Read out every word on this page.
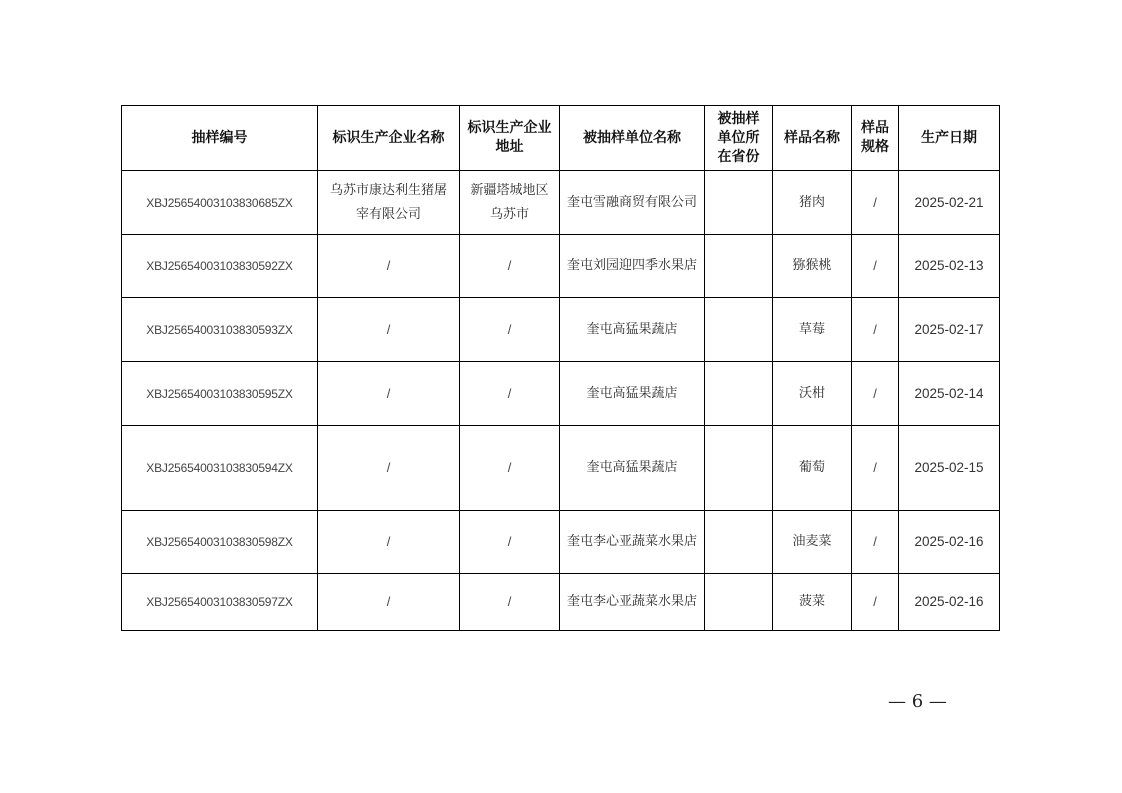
抽样编号	标识生产企业名称	标识生产企业地址	被抽样单位名称	被抽样单位所在省份	样品名称	样品规格	生产日期
XBJ25654003103830685ZX	乌苏市康达利生猪屠宰有限公司	新疆塔城地区乌苏市	奎屯雪融商贸有限公司		猪肉	/	2025-02-21
XBJ25654003103830592ZX	/	/	奎屯刘园迎四季水果店		猕猴桃	/	2025-02-13
XBJ25654003103830593ZX	/	/	奎屯高猛果蔬店		草莓	/	2025-02-17
XBJ25654003103830595ZX	/	/	奎屯高猛果蔬店		沃柑	/	2025-02-14
XBJ25654003103830594ZX	/	/	奎屯高猛果蔬店		葡萄	/	2025-02-15
XBJ25654003103830598ZX	/	/	奎屯李心亚蔬菜水果店		油麦菜	/	2025-02-16
XBJ25654003103830597ZX	/	/	奎屯李心亚蔬菜水果店		菠菜	/	2025-02-16
— 6 —
